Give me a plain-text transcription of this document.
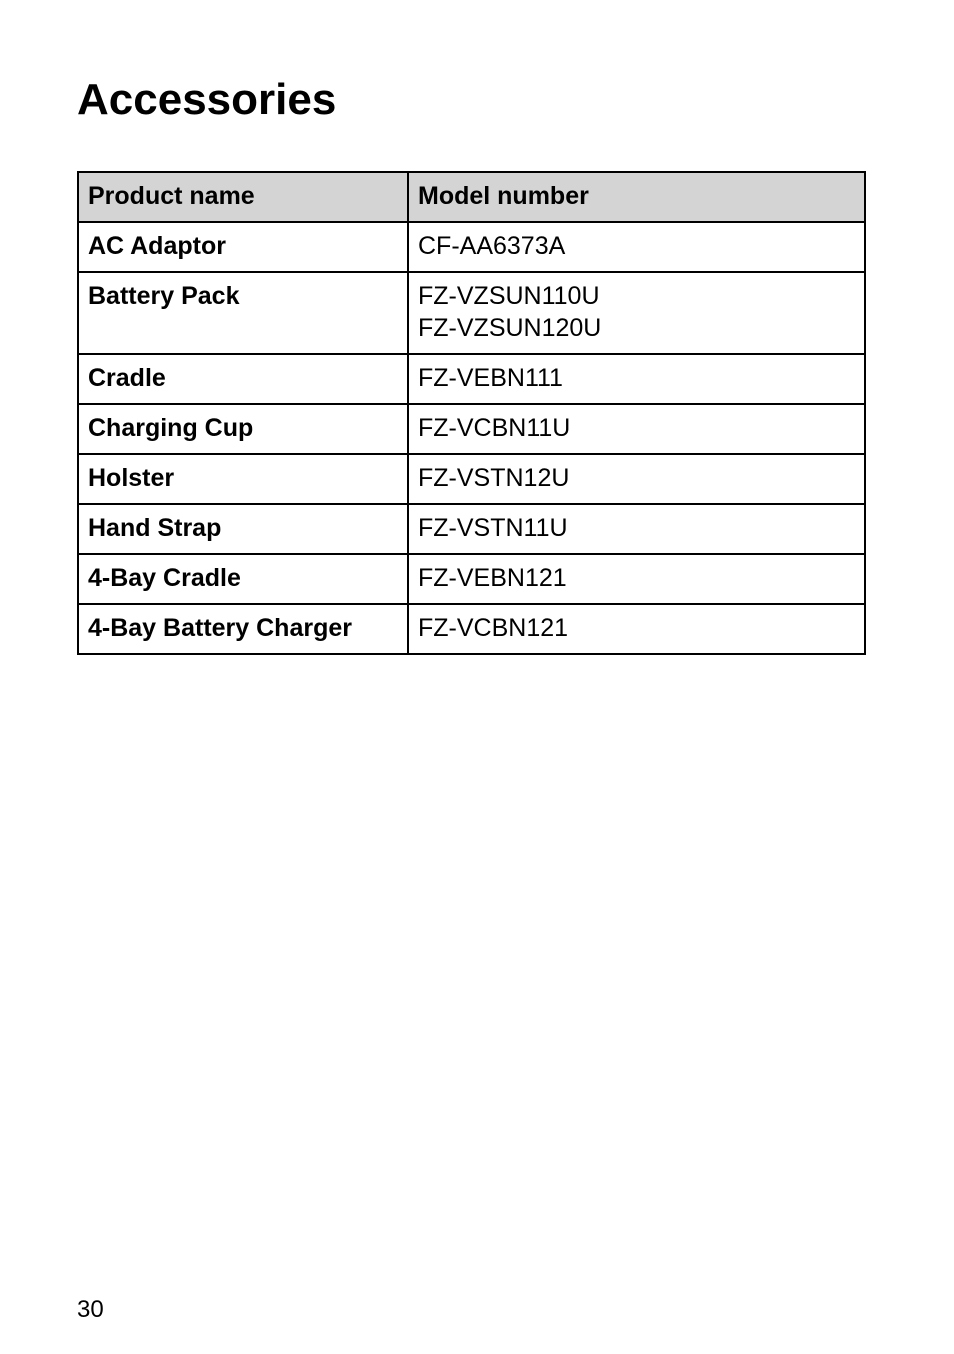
Accessories
Product name	Model number
AC Adaptor	CF-AA6373A

Battery Pack	FZ-VZSUN110U
FZ-VZSUN120U

Cradle	FZ-VEBN111

Charging Cup	FZ-VCBN11U

Holster	FZ-VSTN12U

Hand Strap	FZ-VSTN11U

4-Bay Cradle	FZ-VEBN121

4-Bay Battery Charger	FZ-VCBN121
30
